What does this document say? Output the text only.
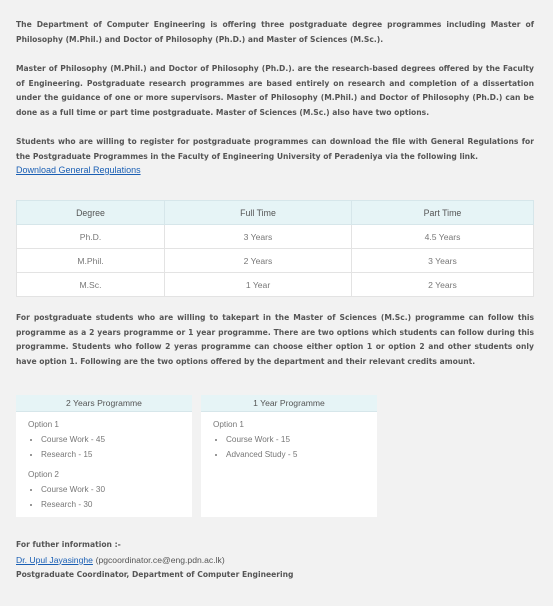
The Department of Computer Engineering is offering three postgraduate degree programmes including Master of Philosophy (M.Phil.) and Doctor of Philosophy (Ph.D.) and Master of Sciences (M.Sc.).

Master of Philosophy (M.Phil.) and Doctor of Philosophy (Ph.D.). are the research-based degrees offered by the Faculty of Engineering. Postgraduate research programmes are based entirely on research and completion of a dissertation under the guidance of one or more supervisors. Master of Philosophy (M.Phil.) and Doctor of Philosophy (Ph.D.) can be done as a full time or part time postgraduate. Master of Sciences (M.Sc.) also have two options.

Students who are willing to register for postgraduate programmes can download the file with General Regulations for the Postgraduate Programmes in the Faculty of Engineering University of Peradeniya via the following link.

Download General Regulations
Degree	Full Time	Part Time
Ph.D.	3 Years	4.5 Years
M.Phil.	2 Years	3 Years
M.Sc.	1 Year	2 Years

For postgraduate students who are willing to takepart in the Master of Sciences (M.Sc.) programme can follow this programme as a 2 years programme or 1 year programme. There are two options which students can follow during this programme. Students who follow 2 yeras programme can choose either option 1 or option 2 and other students only have option 1. Following are the two options offered by the department and their relevant credits amount.

2 Years Programme
Option 1
• Course Work - 45
• Research - 15
Option 2
• Course Work - 30
• Research - 30
1 Year Programme
Option 1
• Course Work - 15
• Advanced Study - 5
For futher information :-
Dr. Upul Jayasinghe (pgcoordinator.ce@eng.pdn.ac.lk)
Postgraduate Coordinator, Department of Computer Engineering
